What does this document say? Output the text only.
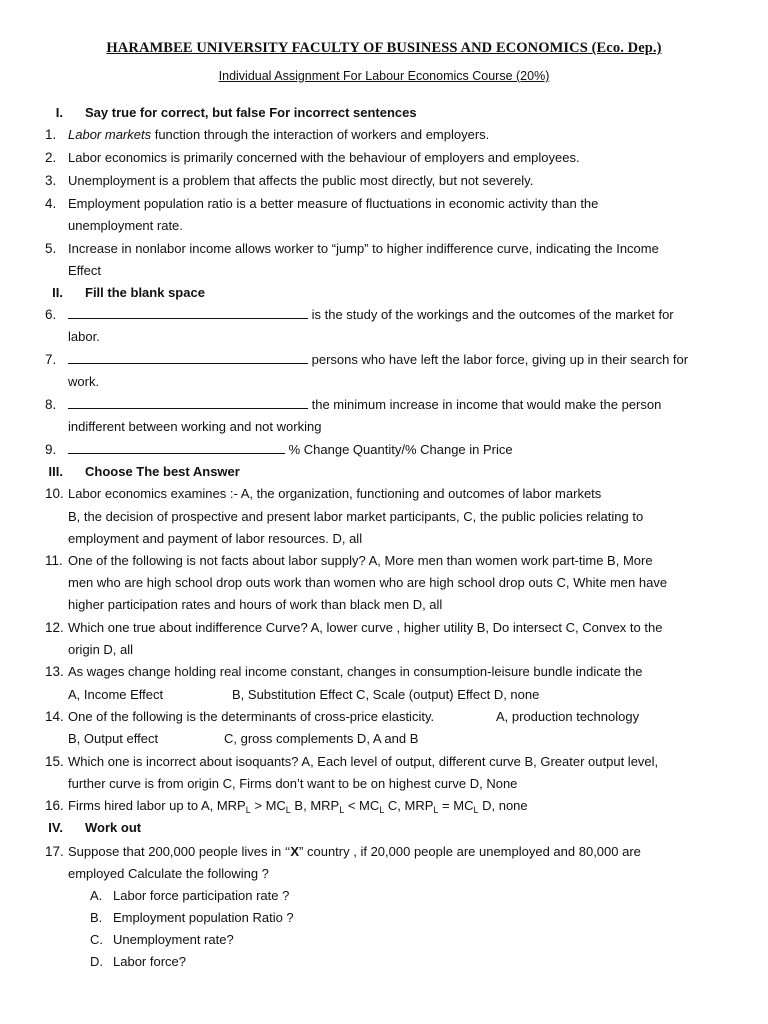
HARAMBEE UNIVERSITY FACULTY OF BUSINESS AND ECONOMICS (Eco. Dep.)
Individual Assignment For Labour Economics Course (20%)
I. Say true for correct, but false For incorrect sentences
1. Labor markets function through the interaction of workers and employers.
2. Labor economics is primarily concerned with the behaviour of employers and employees.
3. Unemployment is a problem that affects the public most directly, but not severely.
4. Employment population ratio is a better measure of fluctuations in economic activity than the
unemployment rate.
5. Increase in nonlabor income allows worker to “jump” to higher indifference curve, indicating the Income
Effect
II. Fill the blank space
6.	is the study of the workings and the outcomes of the market for
labor.
7.	persons who have left the labor force, giving up in their search for
work.
8.	the minimum increase in income that would make the person
indifferent between working and not working
9.	% Change Quantity/% Change in Price
III. Choose The best Answer
10. Labor economics examines :- A, the organization, functioning and outcomes of labor markets
B, the decision of prospective and present labor market participants, C, the public policies relating to
employment and payment of labor resources. D, all
11. One of the following is not facts about labor supply? A, More men than women work part-time B, More
men who are high school drop outs work than women who are high school drop outs C, White men have
higher participation rates and hours of work than black men D, all
12. Which one true about indifference Curve? A, lower curve , higher utility B, Do intersect C, Convex to the
origin D, all
13. As wages change holding real income constant, changes in consumption-leisure bundle indicate the
A, Income Effect	B, Substitution Effect C, Scale (output) Effect D, none
14. One of the following is the determinants of cross-price elasticity.	A, production technology
B, Output effect	C, gross complements D, A and B
15. Which one is incorrect about isoquants? A, Each level of output, different curve B, Greater output level,
further curve is from origin C, Firms don’t want to be on highest curve D, None
16. Firms hired labor up to A, $MRP_L > MC_L$ B, $MRP_L < MC_L$ C, $MRP_L = MC_L$ D, none
IV. Work out
17. Suppose that 200,000 people lives in ‘‘X” country , if 20,000 people are unemployed and 80,000 are
employed Calculate the following ?
A. Labor force participation rate ?
B. Employment population Ratio ?
C. Unemployment rate?
D. Labor force?
